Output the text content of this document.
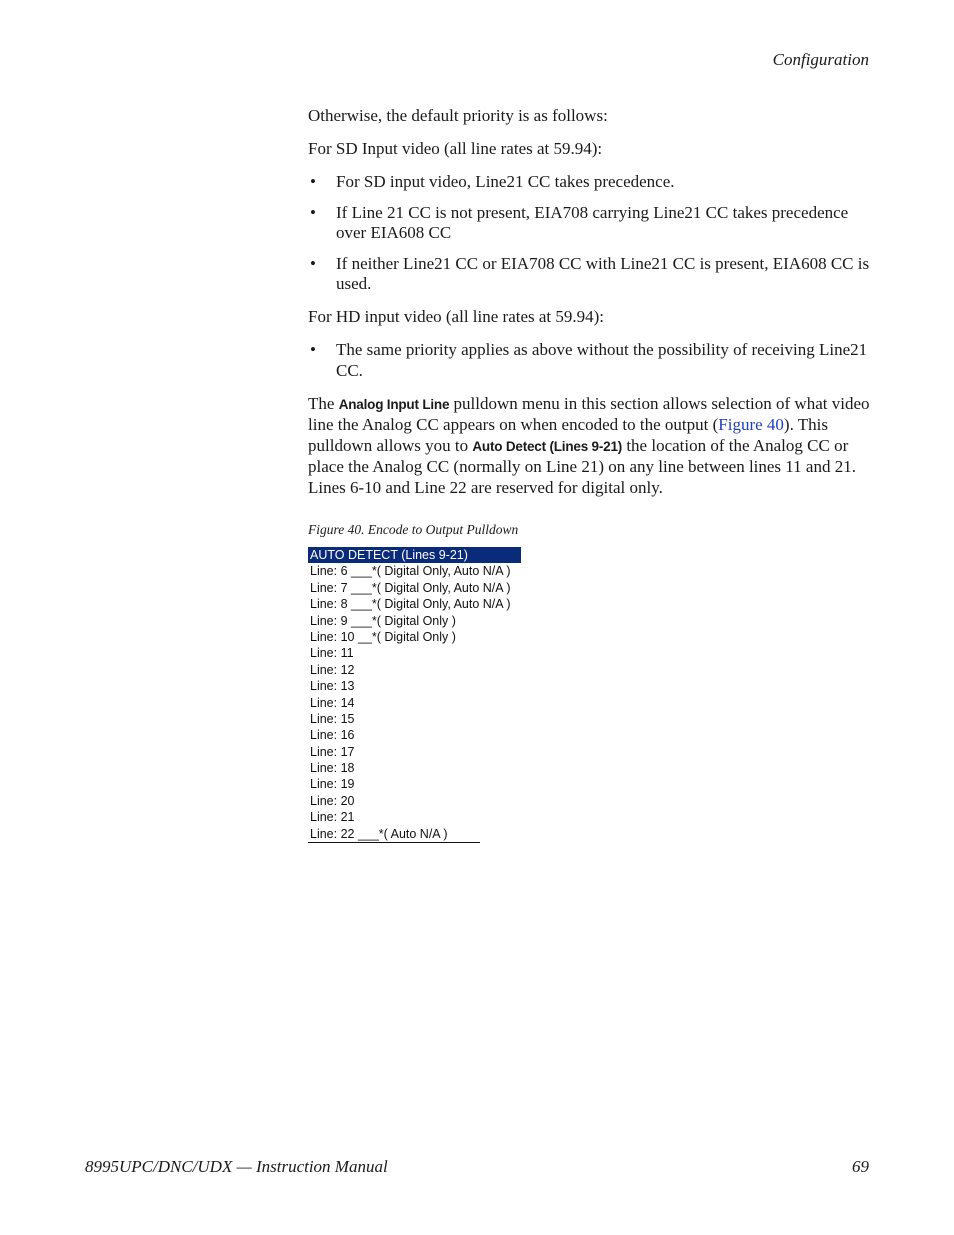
Configuration

Otherwise, the default priority is as follows:

For SD Input video (all line rates at 59.94):

• For SD input video, Line21 CC takes precedence.
• If Line 21 CC is not present, EIA708 carrying Line21 CC takes precedence over EIA608 CC
• If neither Line21 CC or EIA708 CC with Line21 CC is present, EIA608 CC is used.

For HD input video (all line rates at 59.94):

• The same priority applies as above without the possibility of receiving Line21 CC.

The Analog Input Line pulldown menu in this section allows selection of what video line the Analog CC appears on when encoded to the output (Figure 40). This pulldown allows you to Auto Detect (Lines 9-21) the location of the Analog CC or place the Analog CC (normally on Line 21) on any line between lines 11 and 21. Lines 6-10 and Line 22 are reserved for digital only.

Figure 40. Encode to Output Pulldown
AUTO DETECT (Lines 9-21)
Line: 6 ___*( Digital Only, Auto N/A )
Line: 7 ___*( Digital Only, Auto N/A )
Line: 8 ___*( Digital Only, Auto N/A )
Line: 9 ___*( Digital Only )
Line: 10 __*( Digital Only )
Line: 11
Line: 12
Line: 13
Line: 14
Line: 15
Line: 16
Line: 17
Line: 18
Line: 19
Line: 20
Line: 21
Line: 22 ___*( Auto N/A )
8995UPC/DNC/UDX — Instruction Manual	69
